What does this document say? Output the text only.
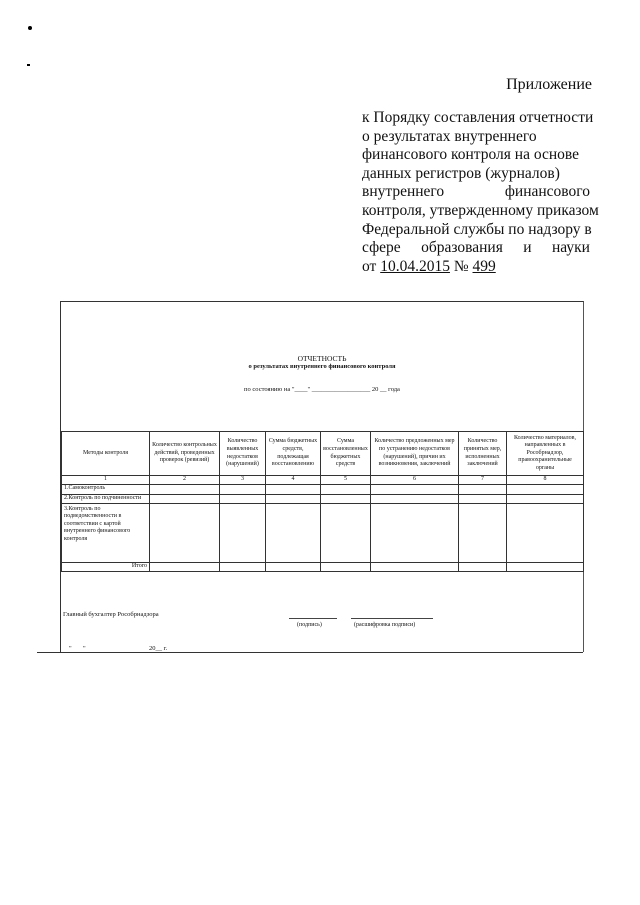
Приложение
к Порядку составления отчетности
о результатах внутреннего
финансового контроля на основе
данных регистров (журналов)
внутреннего	финансового
контроля, утвержденному приказом
Федеральной службы по надзору в
сфере образования и науки
от
10.04.2015
№
499
ОТЧЕТНОСТЬ
о результатах внутреннего финансового контроля
по состоянию на "____" __________________ 20 __ года
Методы контроля	Количество контрольных действий, проведенных проверок (ревизий)	Количество выявленных недостатков (нарушений)	Сумма бюджетных средств, подлежащая восстановлению	Сумма восстановленных бюджетных средств	Количество предложенных мер по устранению недостатков (нарушений), причин их возникновения, заключений	Количество принятых мер, исполненных заключений	Количество материалов, направленных в Рособрнадзор, правоохранительные органы
1	2	3	4	5	6	7	8
1.Самоконтроль							
2.Контроль по подчиненности							
3.Контроль по подведомственности в соответствии с картой внутреннего финансового контроля							
Итого							
Главный бухгалтер Рособрнадзора
(подпись)	(расшифровка подписи)
"       "                                       20__ г.
